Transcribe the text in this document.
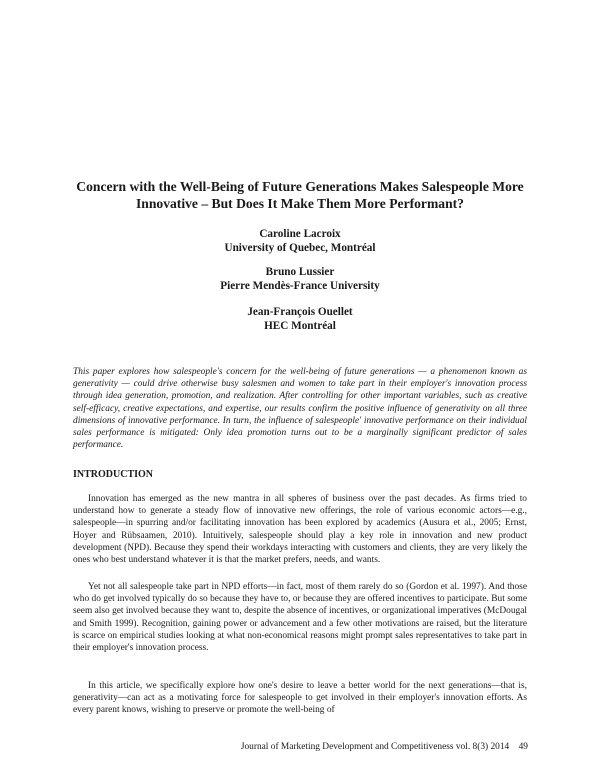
Concern with the Well-Being of Future Generations Makes Salespeople More Innovative – But Does It Make Them More Performant?
Caroline Lacroix
University of Quebec, Montréal
Bruno Lussier
Pierre Mendès-France University
Jean-François Ouellet
HEC Montréal

This paper explores how salespeople's concern for the well-being of future generations — a phenomenon known as generativity — could drive otherwise busy salesmen and women to take part in their employer's innovation process through idea generation, promotion, and realization. After controlling for other important variables, such as creative self-efficacy, creative expectations, and expertise, our results confirm the positive influence of generativity on all three dimensions of innovative performance. In turn, the influence of salespeople' innovative performance on their individual sales performance is mitigated: Only idea promotion turns out to be a marginally significant predictor of sales performance.

INTRODUCTION

Innovation has emerged as the new mantra in all spheres of business over the past decades. As firms tried to understand how to generate a steady flow of innovative new offerings, the role of various economic actors—e.g., salespeople—in spurring and/or facilitating innovation has been explored by academics (Ausura et al., 2005; Ernst, Hoyer and Rübsaamen, 2010). Intuitively, salespeople should play a key role in innovation and new product development (NPD). Because they spend their workdays interacting with customers and clients, they are very likely the ones who best understand whatever it is that the market prefers, needs, and wants.

Yet not all salespeople take part in NPD efforts—in fact, most of them rarely do so (Gordon et al. 1997). And those who do get involved typically do so because they have to, or because they are offered incentives to participate. But some seem also get involved because they want to, despite the absence of incentives, or organizational imperatives (McDougal and Smith 1999). Recognition, gaining power or advancement and a few other motivations are raised, but the literature is scarce on empirical studies looking at what non-economical reasons might prompt sales representatives to take part in their employer's innovation process.

In this article, we specifically explore how one's desire to leave a better world for the next generations—that is, generativity—can act as a motivating force for salespeople to get involved in their employer's innovation efforts. As every parent knows, wishing to preserve or promote the well-being of

Journal of Marketing Development and Competitiveness vol. 8(3) 2014    49
